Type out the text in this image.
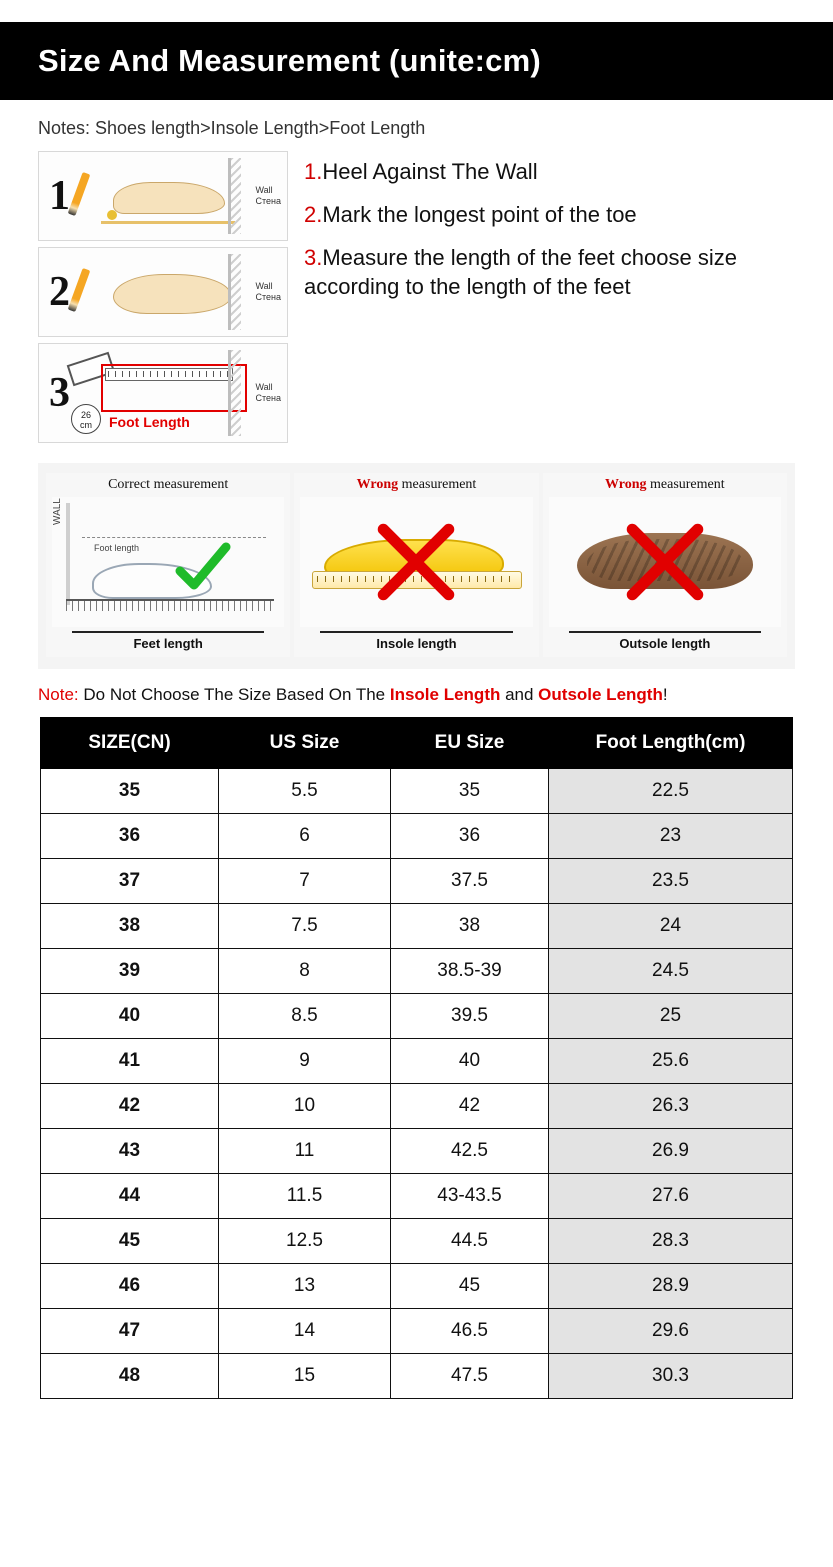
Size And Measurement (unite:cm)
Notes: Shoes length>Insole Length>Foot Length
1	Wall
Стена
2	Wall
Стена
3
Foot Length
26
cm
Wall
Стена
1.Heel Against The Wall
2.Mark the longest point of the toe
3.Measure the length of the feet choose size according to the length of the feet
Correct measurement
WALL
Foot length
Feet length
Wrong measurement
Insole length
Wrong measurement
Outsole length
Note: Do Not Choose The Size Based On The Insole Length and Outsole Length!
SIZE(CN)	US Size	EU Size	Foot Length(cm)
35	5.5	35	22.5
36	6	36	23
37	7	37.5	23.5
38	7.5	38	24
39	8	38.5-39	24.5
40	8.5	39.5	25
41	9	40	25.6
42	10	42	26.3
43	11	42.5	26.9
44	11.5	43-43.5	27.6
45	12.5	44.5	28.3
46	13	45	28.9
47	14	46.5	29.6
48	15	47.5	30.3
